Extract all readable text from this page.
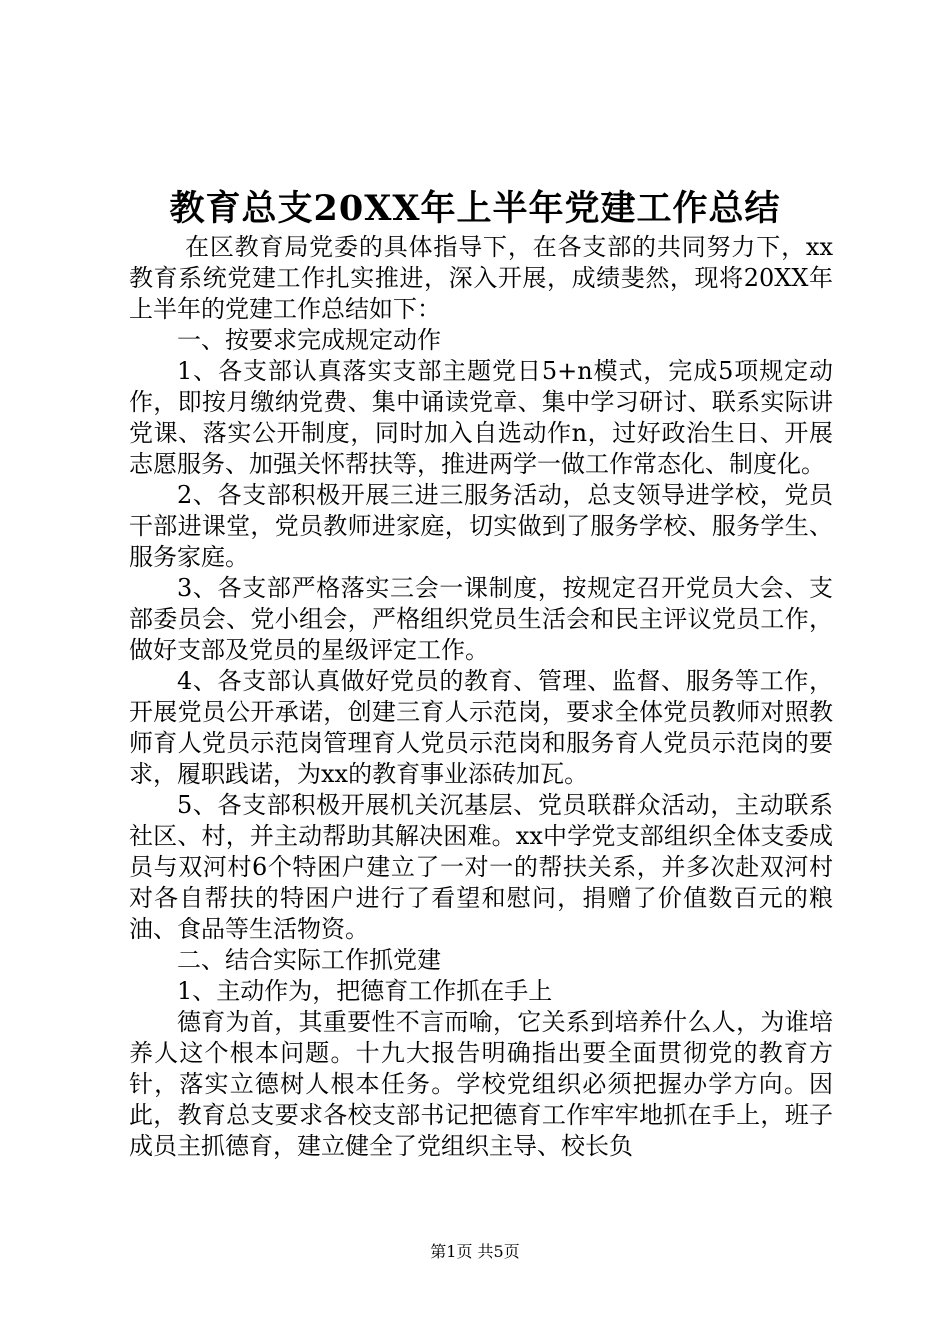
教育总支20XX年上半年党建工作总结

在区教育局党委的具体指导下，在各支部的共同努力下，xx教育系统党建工作扎实推进，深入开展，成绩斐然，现将20XX年上半年的党建工作总结如下：

一、按要求完成规定动作

1、各支部认真落实支部主题党日5+n模式，完成5项规定动作，即按月缴纳党费、集中诵读党章、集中学习研讨、联系实际讲党课、落实公开制度，同时加入自选动作n，过好政治生日、开展志愿服务、加强关怀帮扶等，推进两学一做工作常态化、制度化。

2、各支部积极开展三进三服务活动，总支领导进学校，党员干部进课堂，党员教师进家庭，切实做到了服务学校、服务学生、服务家庭。

3、各支部严格落实三会一课制度，按规定召开党员大会、支部委员会、党小组会，严格组织党员生活会和民主评议党员工作，做好支部及党员的星级评定工作。

4、各支部认真做好党员的教育、管理、监督、服务等工作，开展党员公开承诺，创建三育人示范岗，要求全体党员教师对照教师育人党员示范岗管理育人党员示范岗和服务育人党员示范岗的要求，履职践诺，为xx的教育事业添砖加瓦。

5、各支部积极开展机关沉基层、党员联群众活动，主动联系社区、村，并主动帮助其解决困难。xx中学党支部组织全体支委成员与双河村6个特困户建立了一对一的帮扶关系，并多次赴双河村对各自帮扶的特困户进行了看望和慰问，捐赠了价值数百元的粮油、食品等生活物资。

二、结合实际工作抓党建

1、主动作为，把德育工作抓在手上

德育为首，其重要性不言而喻，它关系到培养什么人，为谁培养人这个根本问题。十九大报告明确指出要全面贯彻党的教育方针，落实立德树人根本任务。学校党组织必须把握办学方向。因此，教育总支要求各校支部书记把德育工作牢牢地抓在手上，班子成员主抓德育，建立健全了党组织主导、校长负

第1页 共5页
